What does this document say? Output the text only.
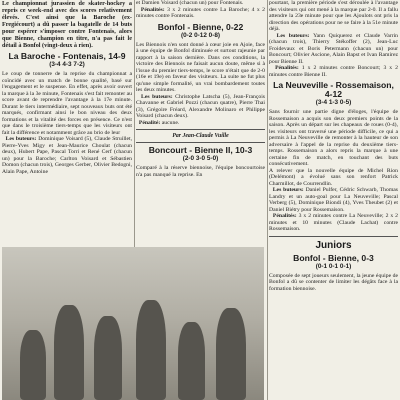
Le championnat jurassien de skater-hockey a repris ce week-end avec des scores relativement élevés. C'est ainsi que la Baroche (ex-Fregiécourt) a dû passer la bagatelle de 14 buts pour espérer s'imposer contre Fontenais, alors que Bienne, champion en titre, n'a pas fait le détail à Bonfol (vingt-deux à rien).

La Baroche - Fontenais, 14-9
(3-4 4-3 7-2)

Le coup de tonnerre de la reprise du championnat a coïncidé avec un match de bonne qualité, basé sur l'engagement et le suspense. En effet, après avoir ouvert la marque à la 3e minute, Fontenais s'est fait remonter au score avant de reprendre l'avantage à la 17e minute. Durant le tiers intermédiaire, sept nouveaux buts ont été marqués, confirmant ainsi le bon niveau des deux formations et la vitalité des forces en présence. Ce n'est que dans le troisième tiers-temps que les visiteurs ont fait la différence et notamment grâce au brio de leur

Les buteurs: Dominique Voisard (5), Claude Struillet, Pierre-Yves Migy et Jean-Maurice Choulat (chacun deux), Hubert Pape, Pascal Torri et René Cerf (chacun un) pour la Baroche; Carlton Voisard et Sébastien Domon (chacun trois), Georges Gerber, Olivier Bedogni, Alain Pape, Antoine

et Damien Voisard (chacun un) pour Fontenais.

Pénalités: 3 x 2 minutes contre La Baroche; 4 x 2 minutes contre Fontenais.

Bonfol - Bienne, 0-22
(0-2 0-12 0-8)

Les Biennois n'en sont donné à cœur joie en Ajoie, face à une équipe de Bonfol diminuée et surtout rajeunie par rapport à la saison dernière. Dans ces conditions, la victoire des Biennois ne faisait aucun doute, même si à l'issue du premier tiers-temps, le score n'était que de 2-0 (16e et 19e) en faveur des visiteurs. La suite ne fut plus qu'une simple formalité, un vrai bombardement toutes les deux minutes.

Les buteurs: Christophe Latscha (5), Jean-François Chavanne et Gabriel Pozzi (chacun quatre), Pierre Thai (3), Grégoire Fréard, Alexandre Molinaro et Philippe Voisard (chacun deux).

Pénalité: aucune.

Par Jean-Claude Vuille
Boncourt - Bienne II, 10-3
(2-0 3-0 5-0)

Comparé à la réserve biennoise, l'équipe boncourtoise n'a pas manqué la reprise. En

pourtant, la première période s'est déroulée à l'avantage des visiteurs qui ont mené à la marque par 2-0. Il a fallu attendre la 23e minute pour que les Ajoulots ont pris la direction des opérations pour ne se faire à la 51e minute déjà.

Les buteurs: Yann Quiquerez et Claude Varrin (chacun trois), Thierry Stékoffer (2), Jean-Luc Froidevaux et Boris Petermann (chacun un) pour Boncourt; Olivier Ascione, Alain Bapst et Ivan Ramirez pour Bienne II.

Pénalités: 1 x 2 minutes contre Boncourt; 3 x 2 minutes contre Bienne II.

La Neuveville - Rossemaison, 4-12
(3-4 1-3 0-5)

Sans fournir une partie digne d'éloges, l'équipe de Rossemaison a acquis son deux premiers points de la saison. Après un départ sur les chapeaux de roues (0-4), les visiteurs ont traversé une période difficile, ce qui a permis à La Neuveville de remonter à la hauteur de son adversaire à l'appel de la reprise du deuxième tiers-temps. Rossemaison a alors repris la marque à une certaine fin de match, en touchant des buts consécutivement.

A relever que la nouvelle équipe de Michel Rion (Delémont) a évolué sans son renfort Patrick Charmillot, de Courrendlin.

Les buteurs: Daniel Pulfer, Cédric Schwarb, Thomas Landry et un auto-goal pour La Neuveville; Pascal Verberg (5), Dominique Biondi (4), Yves Theubet (2) et Daniel Biétry pour Rossemaison.

Pénalités: 3 x 2 minutes contre La Neuveville; 2 x 2 minutes et 10 minutes (Claude Lachat) contre Rossemaison.

Juniors
Bonfol - Bienne, 0-3
(0-1 0-1 0-1)

Composée de sept joueurs seulement, la jeune équipe de Bonfol a dû se contenter de limiter les dégâts face à la formation biennoise.
